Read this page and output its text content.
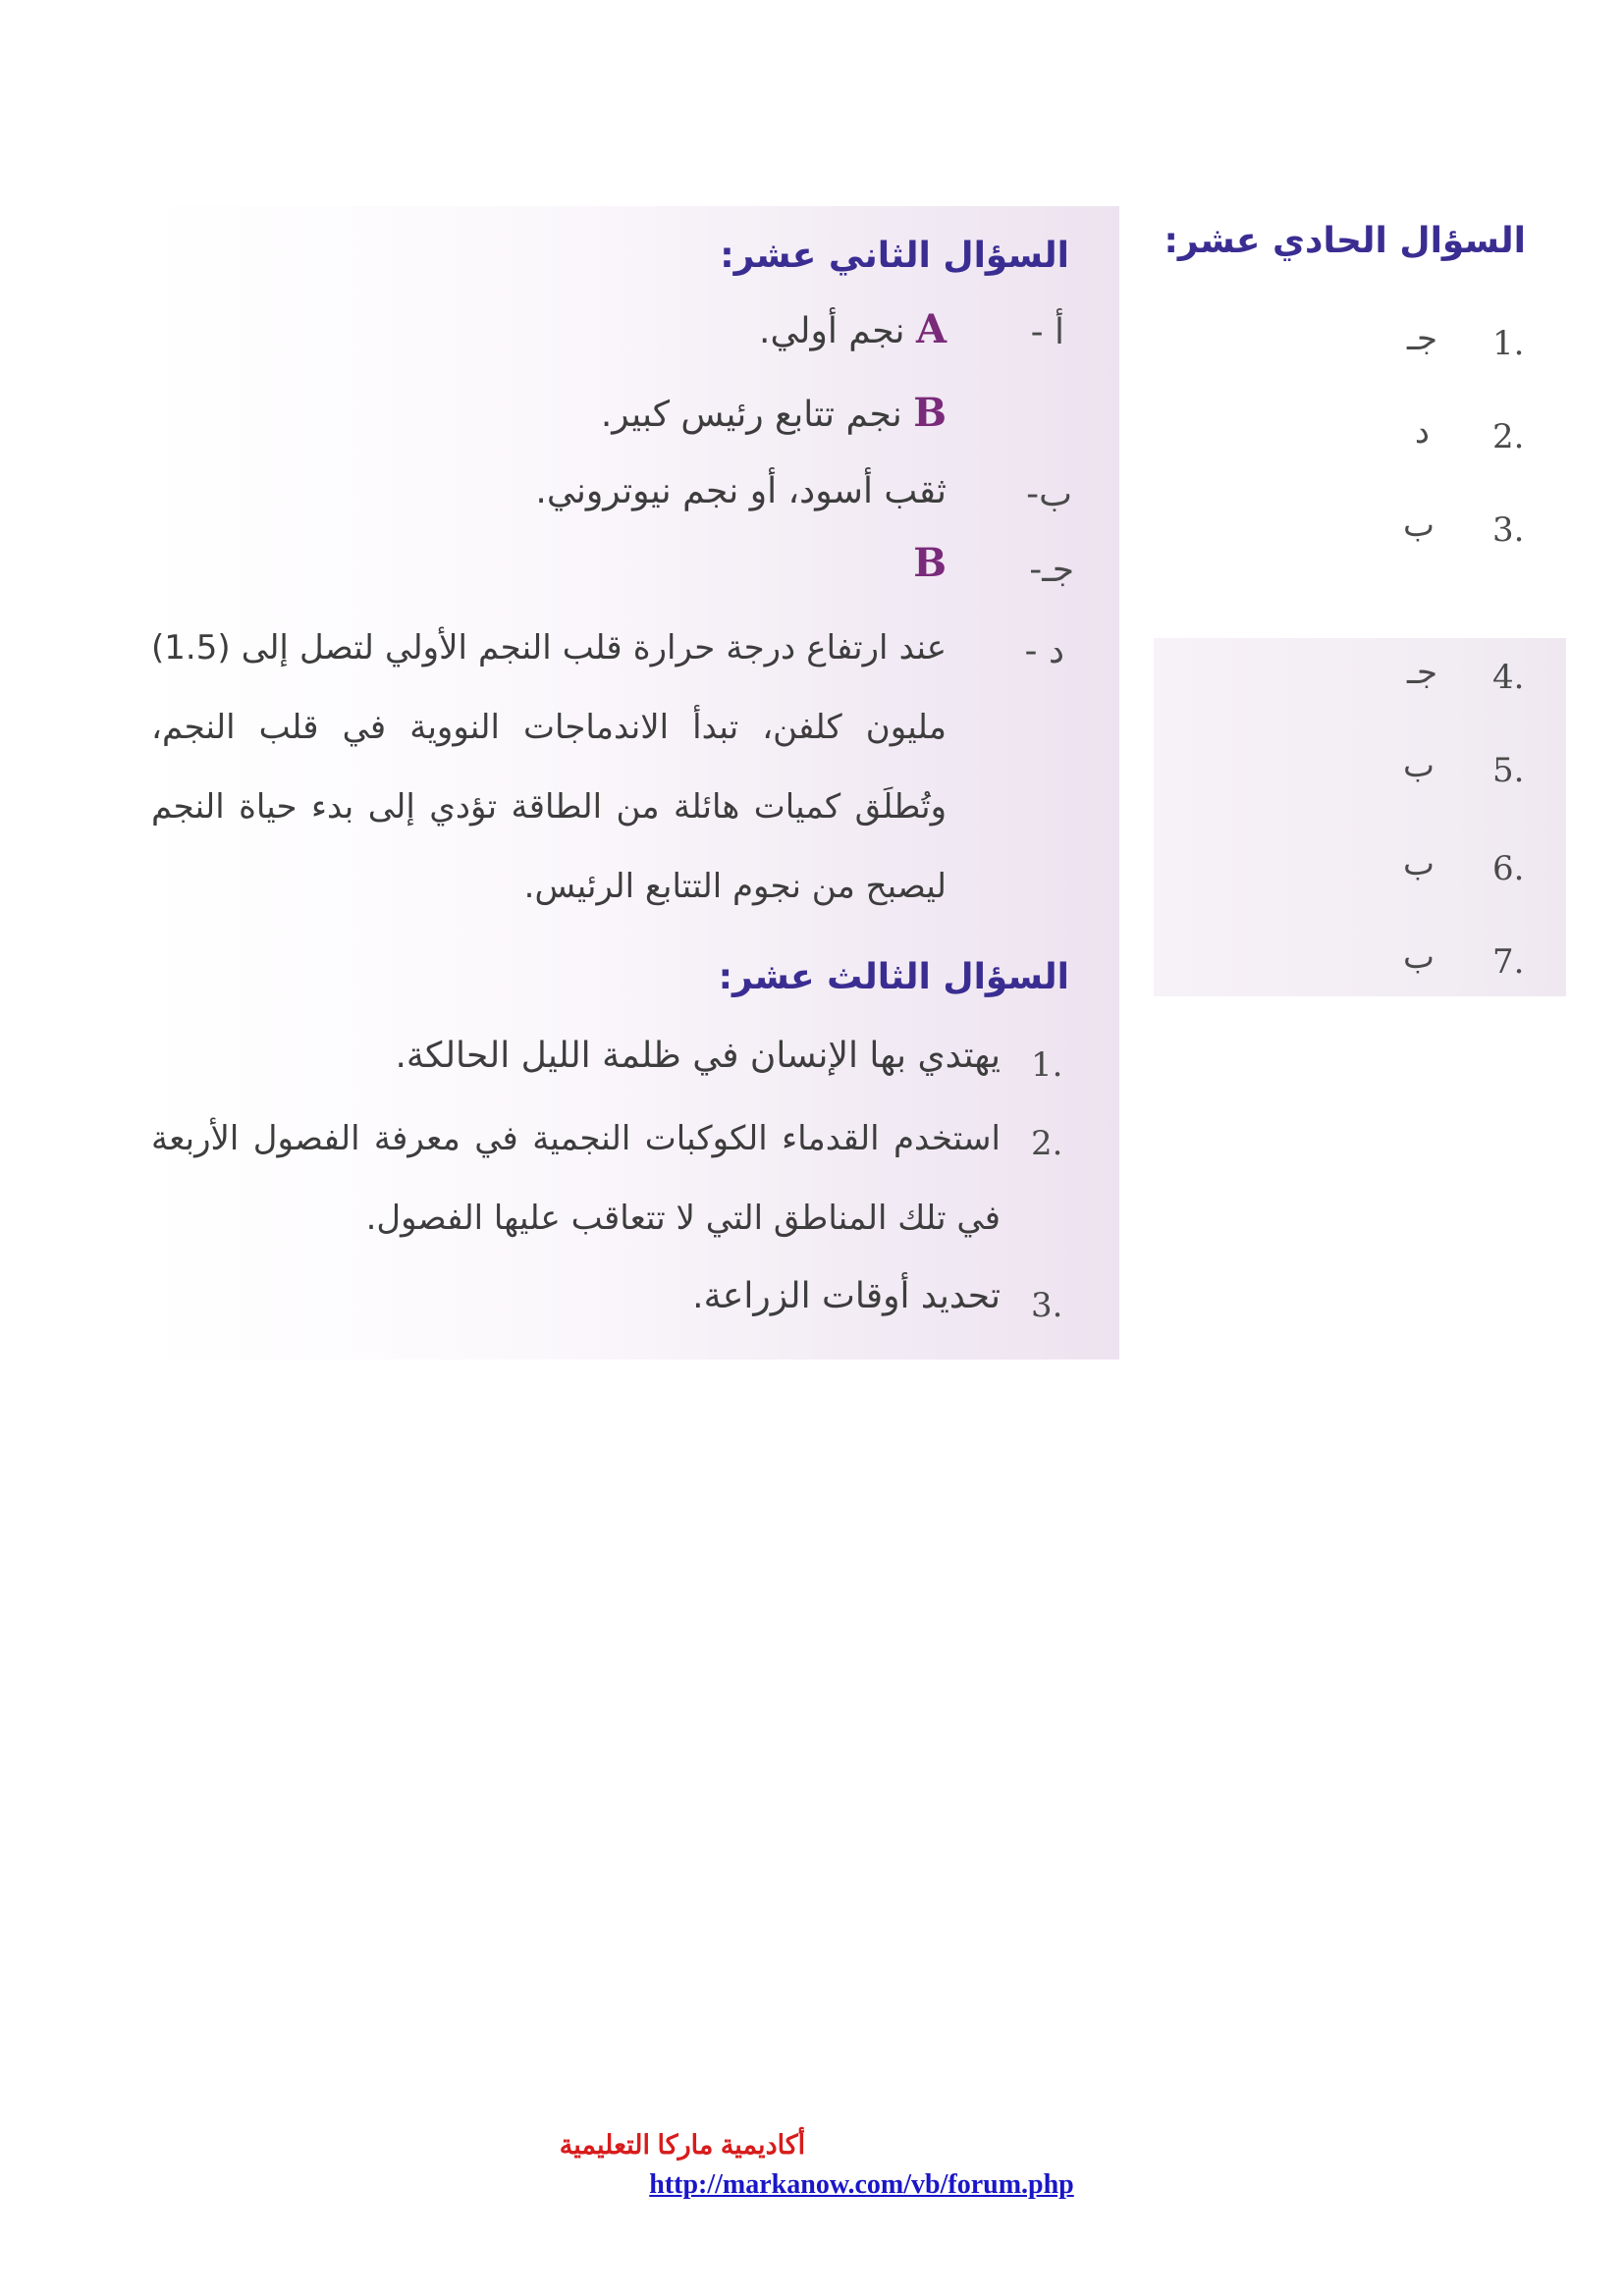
السؤال الحادي عشر:
1.
جـ
2.
د
3.
ب
4.
جـ
5.
ب
6.
ب
7.
ب
السؤال الثاني عشر:
أ -
A نجم أولي.
B نجم تتابع رئيس كبير.
ب-
ثقب أسود، أو نجم نيوتروني.
جـ-
B
د -
عند ارتفاع درجة حرارة قلب النجم الأولي لتصل إلى (1.5) مليون كلفن، تبدأ الاندماجات النووية في قلب النجم، وتُطلَق كميات هائلة من الطاقة تؤدي إلى بدء حياة النجم ليصبح من نجوم التتابع الرئيس.
السؤال الثالث عشر:
1.
يهتدي بها الإنسان في ظلمة الليل الحالكة.
2.
استخدم القدماء الكوكبات النجمية في معرفة الفصول الأربعة في تلك المناطق التي لا تتعاقب عليها الفصول.
3.
تحديد أوقات الزراعة.
أكاديمية ماركا التعليمية
http://markanow.com/vb/forum.php
